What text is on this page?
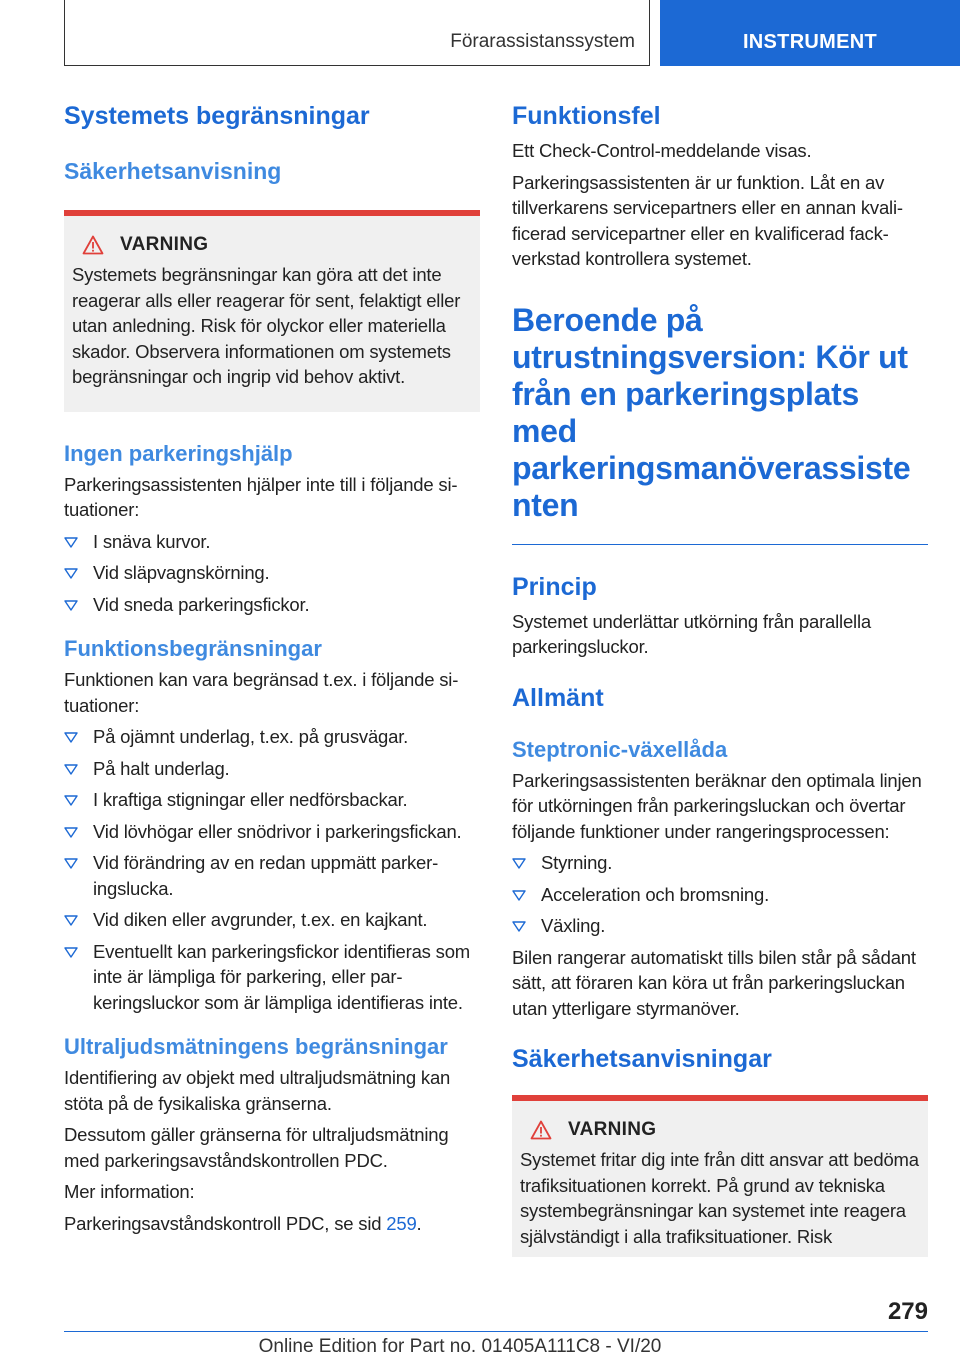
Förarassistanssystem	INSTRUMENT
Systemets begränsningar
Säkerhetsanvisning
VARNING

Systemets begränsningar kan göra att det inte reagerar alls eller reagerar för sent, felaktigt eller utan anledning. Risk för olyckor eller materiella skador. Observera informationen om systemets begränsningar och ingrip vid behov aktivt.

Ingen parkeringshjälp

Parkeringsassistenten hjälper inte till i följande situationer:

I snäva kurvor.
Vid släpvagnskörning.
Vid sneda parkeringsfickor.
Funktionsbegränsningar

Funktionen kan vara begränsad t.ex. i följande situationer:

På ojämnt underlag, t.ex. på grusvägar.
På halt underlag.
I kraftiga stigningar eller nedförsbackar.
Vid lövhögar eller snödrivor i parkeringsfickan.
Vid förändring av en redan uppmätt parkeringslucka.
Vid diken eller avgrunder, t.ex. en kajkant.
Eventuellt kan parkeringsfickor identifieras som inte är lämpliga för parkering, eller parkeringsluckor som är lämpliga identifieras inte.
Ultraljudsmätningens begränsningar

Identifiering av objekt med ultraljudsmätning kan stöta på de fysikaliska gränserna.

Dessutom gäller gränserna för ultraljudsmätning med parkeringsavståndskontrollen PDC.

Mer information:

Parkeringsavståndskontroll PDC, se sid 259.

Funktionsfel

Ett Check-Control-meddelande visas.

Parkeringsassistenten är ur funktion. Låt en av tillverkarens servicepartners eller en annan kvalificerad servicepartner eller en kvalificerad fackverkstad kontrollera systemet.

Beroende på utrustningsversion: Kör ut från en parkeringsplats med parkeringsmanöverassiste nten
Princip

Systemet underlättar utkörning från parallella parkeringsluckor.

Allmänt
Steptronic-växellåda

Parkeringsassistenten beräknar den optimala linjen för utkörningen från parkeringsluckan och övertar följande funktioner under rangeringsprocessen:

Styrning.
Acceleration och bromsning.
Växling.

Bilen rangerar automatiskt tills bilen står på sådant sätt, att föraren kan köra ut från parkeringsluckan utan ytterligare styrmanöver.

Säkerhetsanvisningar
VARNING

Systemet fritar dig inte från ditt ansvar att bedöma trafiksituationen korrekt. På grund av tekniska systembegränsningar kan systemet inte reagera självständigt i alla trafiksituationer. Risk

279
Online Edition for Part no. 01405A111C8 - VI/20
